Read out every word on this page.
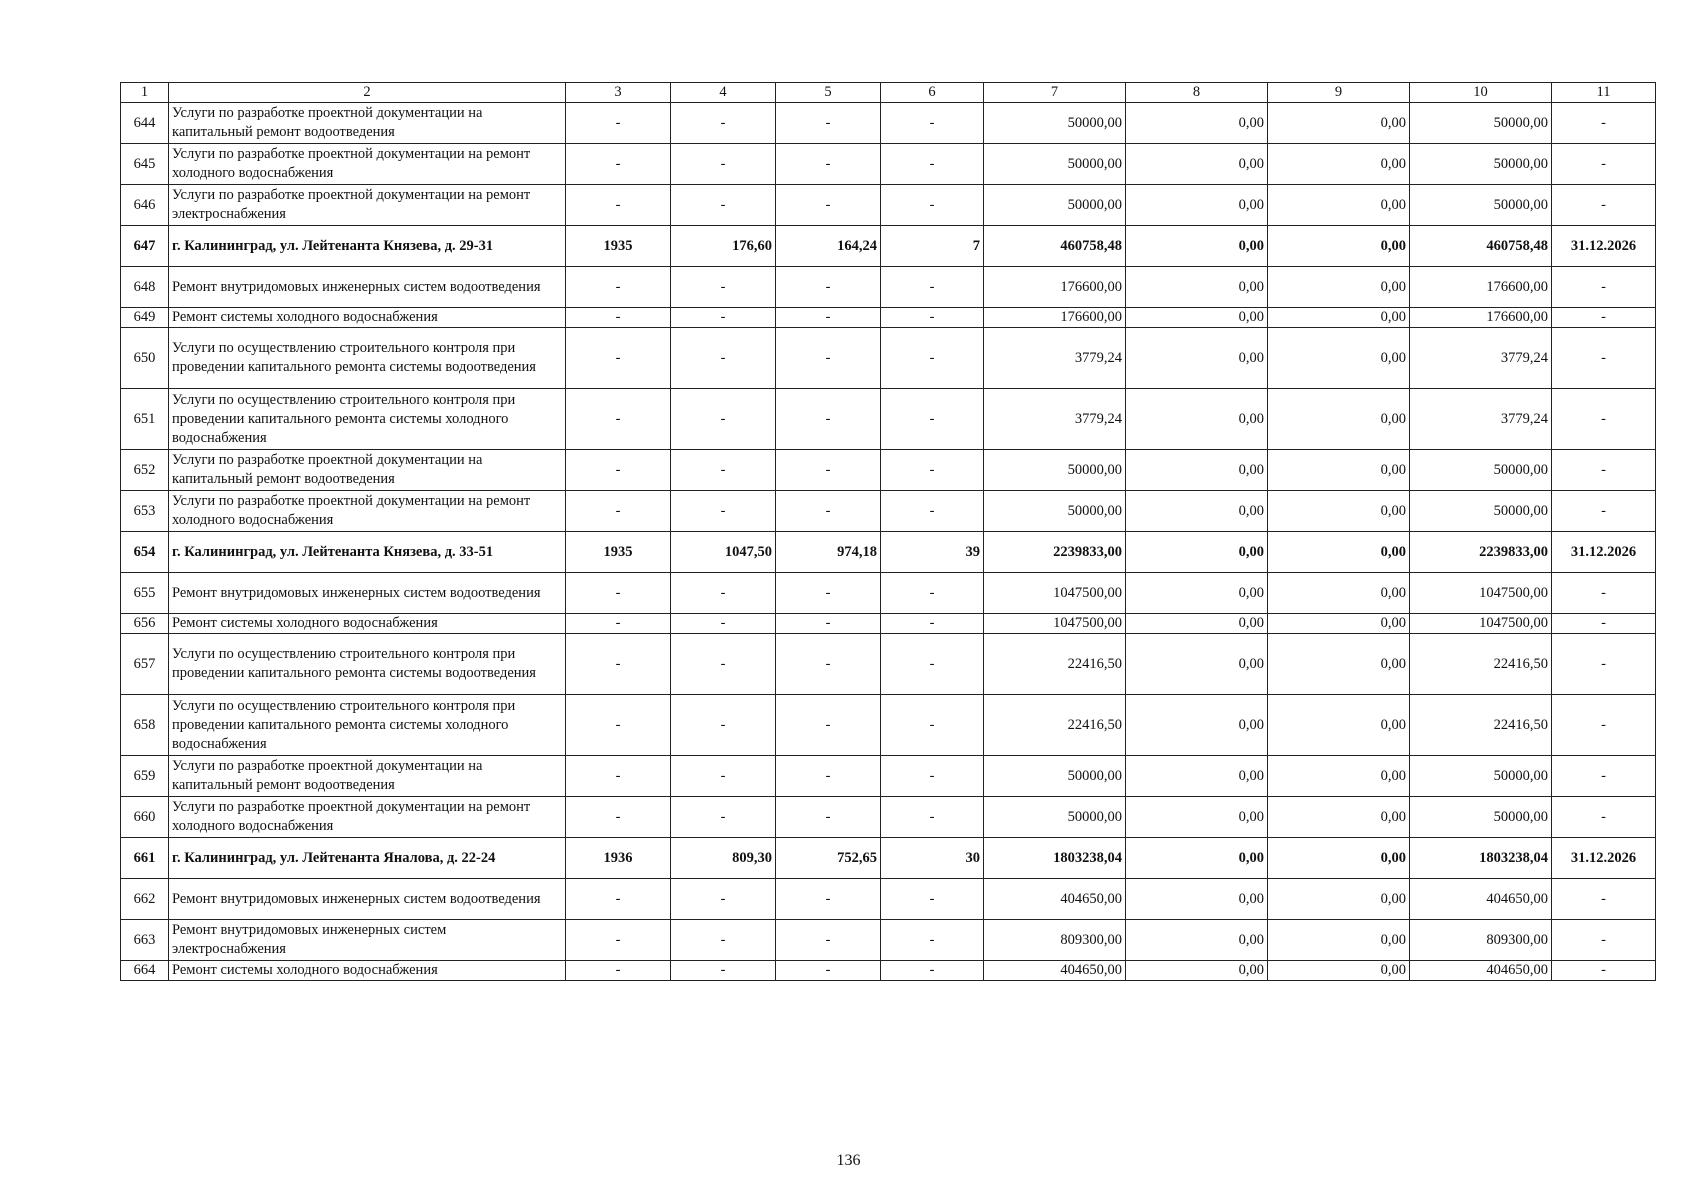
1	2	3	4	5	6	7	8	9	10	11
644	Услуги по разработке проектной документации на капитальный ремонт водоотведения	-	-	-	-	50000,00	0,00	0,00	50000,00	-
645	Услуги по разработке проектной документации на ремонт холодного водоснабжения	-	-	-	-	50000,00	0,00	0,00	50000,00	-
646	Услуги по разработке проектной документации на ремонт электроснабжения	-	-	-	-	50000,00	0,00	0,00	50000,00	-
647	г. Калининград, ул. Лейтенанта Князева, д. 29-31	1935	176,60	164,24	7	460758,48	0,00	0,00	460758,48	31.12.2026
648	Ремонт внутридомовых инженерных систем водоотведения	-	-	-	-	176600,00	0,00	0,00	176600,00	-
649	Ремонт системы холодного водоснабжения	-	-	-	-	176600,00	0,00	0,00	176600,00	-
650	Услуги по осуществлению строительного контроля при проведении капитального ремонта системы водоотведения	-	-	-	-	3779,24	0,00	0,00	3779,24	-
651	Услуги по осуществлению строительного контроля при проведении капитального ремонта системы холодного водоснабжения	-	-	-	-	3779,24	0,00	0,00	3779,24	-
652	Услуги по разработке проектной документации на капитальный ремонт водоотведения	-	-	-	-	50000,00	0,00	0,00	50000,00	-
653	Услуги по разработке проектной документации на ремонт холодного водоснабжения	-	-	-	-	50000,00	0,00	0,00	50000,00	-
654	г. Калининград, ул. Лейтенанта Князева, д. 33-51	1935	1047,50	974,18	39	2239833,00	0,00	0,00	2239833,00	31.12.2026
655	Ремонт внутридомовых инженерных систем водоотведения	-	-	-	-	1047500,00	0,00	0,00	1047500,00	-
656	Ремонт системы холодного водоснабжения	-	-	-	-	1047500,00	0,00	0,00	1047500,00	-
657	Услуги по осуществлению строительного контроля при проведении капитального ремонта системы водоотведения	-	-	-	-	22416,50	0,00	0,00	22416,50	-
658	Услуги по осуществлению строительного контроля при проведении капитального ремонта системы холодного водоснабжения	-	-	-	-	22416,50	0,00	0,00	22416,50	-
659	Услуги по разработке проектной документации на капитальный ремонт водоотведения	-	-	-	-	50000,00	0,00	0,00	50000,00	-
660	Услуги по разработке проектной документации на ремонт холодного водоснабжения	-	-	-	-	50000,00	0,00	0,00	50000,00	-
661	г. Калининград, ул. Лейтенанта Яналова, д. 22-24	1936	809,30	752,65	30	1803238,04	0,00	0,00	1803238,04	31.12.2026
662	Ремонт внутридомовых инженерных систем водоотведения	-	-	-	-	404650,00	0,00	0,00	404650,00	-
663	Ремонт внутридомовых инженерных систем электроснабжения	-	-	-	-	809300,00	0,00	0,00	809300,00	-
664	Ремонт системы холодного водоснабжения	-	-	-	-	404650,00	0,00	0,00	404650,00	-
136
